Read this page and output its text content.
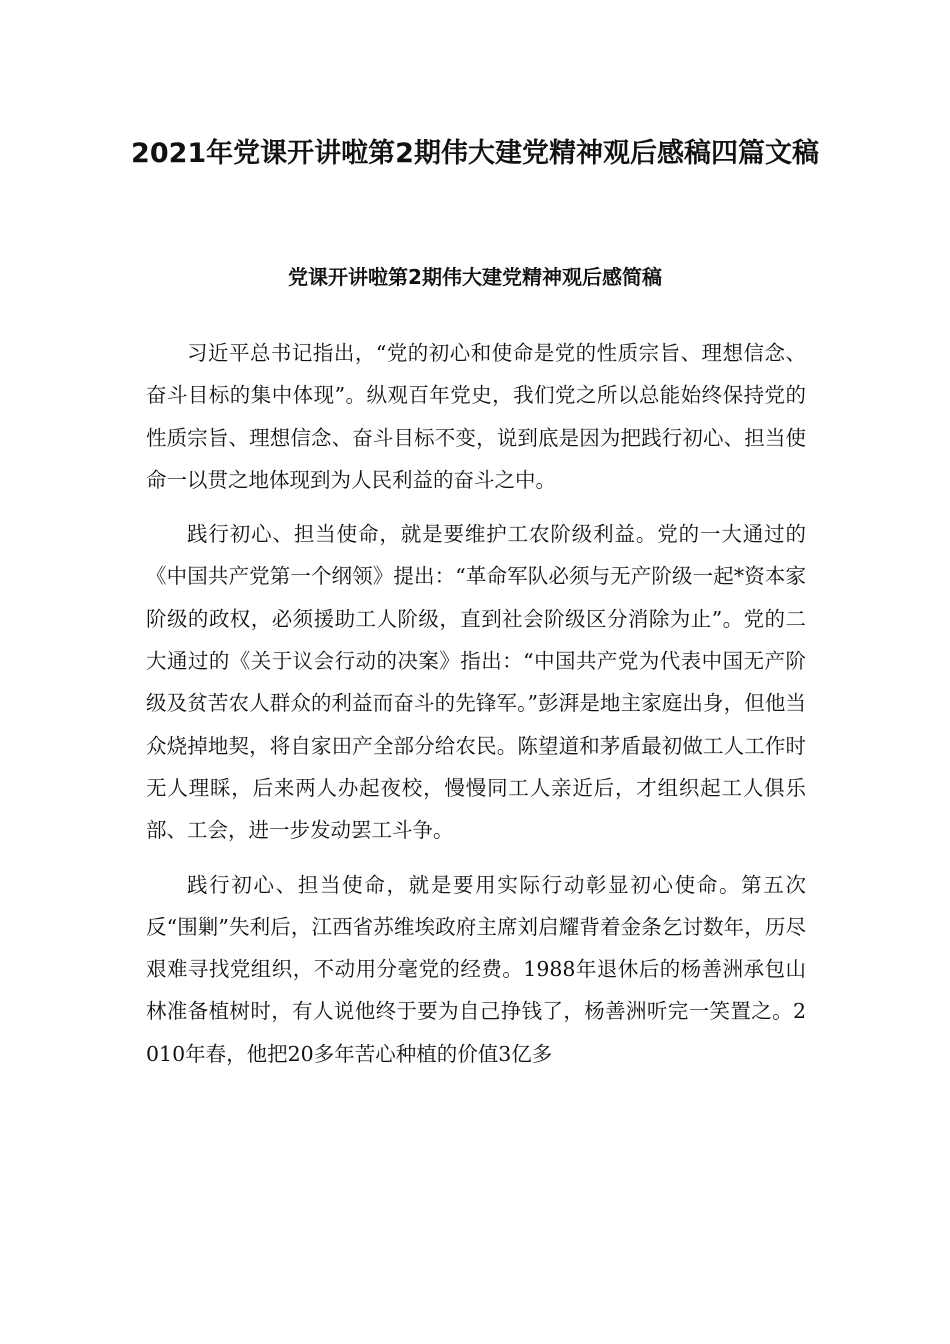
2021年党课开讲啦第2期伟大建党精神观后感稿四篇文稿
党课开讲啦第2期伟大建党精神观后感简稿

习近平总书记指出，“党的初心和使命是党的性质宗旨、理想信念、奋斗目标的集中体现”。纵观百年党史，我们党之所以总能始终保持党的性质宗旨、理想信念、奋斗目标不变，说到底是因为把践行初心、担当使命一以贯之地体现到为人民利益的奋斗之中。

践行初心、担当使命，就是要维护工农阶级利益。党的一大通过的《中国共产党第一个纲领》提出：“革命军队必须与无产阶级一起*资本家阶级的政权，必须援助工人阶级，直到社会阶级区分消除为止”。党的二大通过的《关于议会行动的决案》指出：“中国共产党为代表中国无产阶级及贫苦农人群众的利益而奋斗的先锋军。”彭湃是地主家庭出身，但他当众烧掉地契，将自家田产全部分给农民。陈望道和茅盾最初做工人工作时无人理睬，后来两人办起夜校，慢慢同工人亲近后，才组织起工人俱乐部、工会，进一步发动罢工斗争。

践行初心、担当使命，就是要用实际行动彰显初心使命。第五次反“围剿”失利后，江西省苏维埃政府主席刘启耀背着金条乞讨数年，历尽艰难寻找党组织，不动用分毫党的经费。1988年退休后的杨善洲承包山林准备植树时，有人说他终于要为自己挣钱了，杨善洲听完一笑置之。2010年春，他把20多年苦心种植的价值3亿多
